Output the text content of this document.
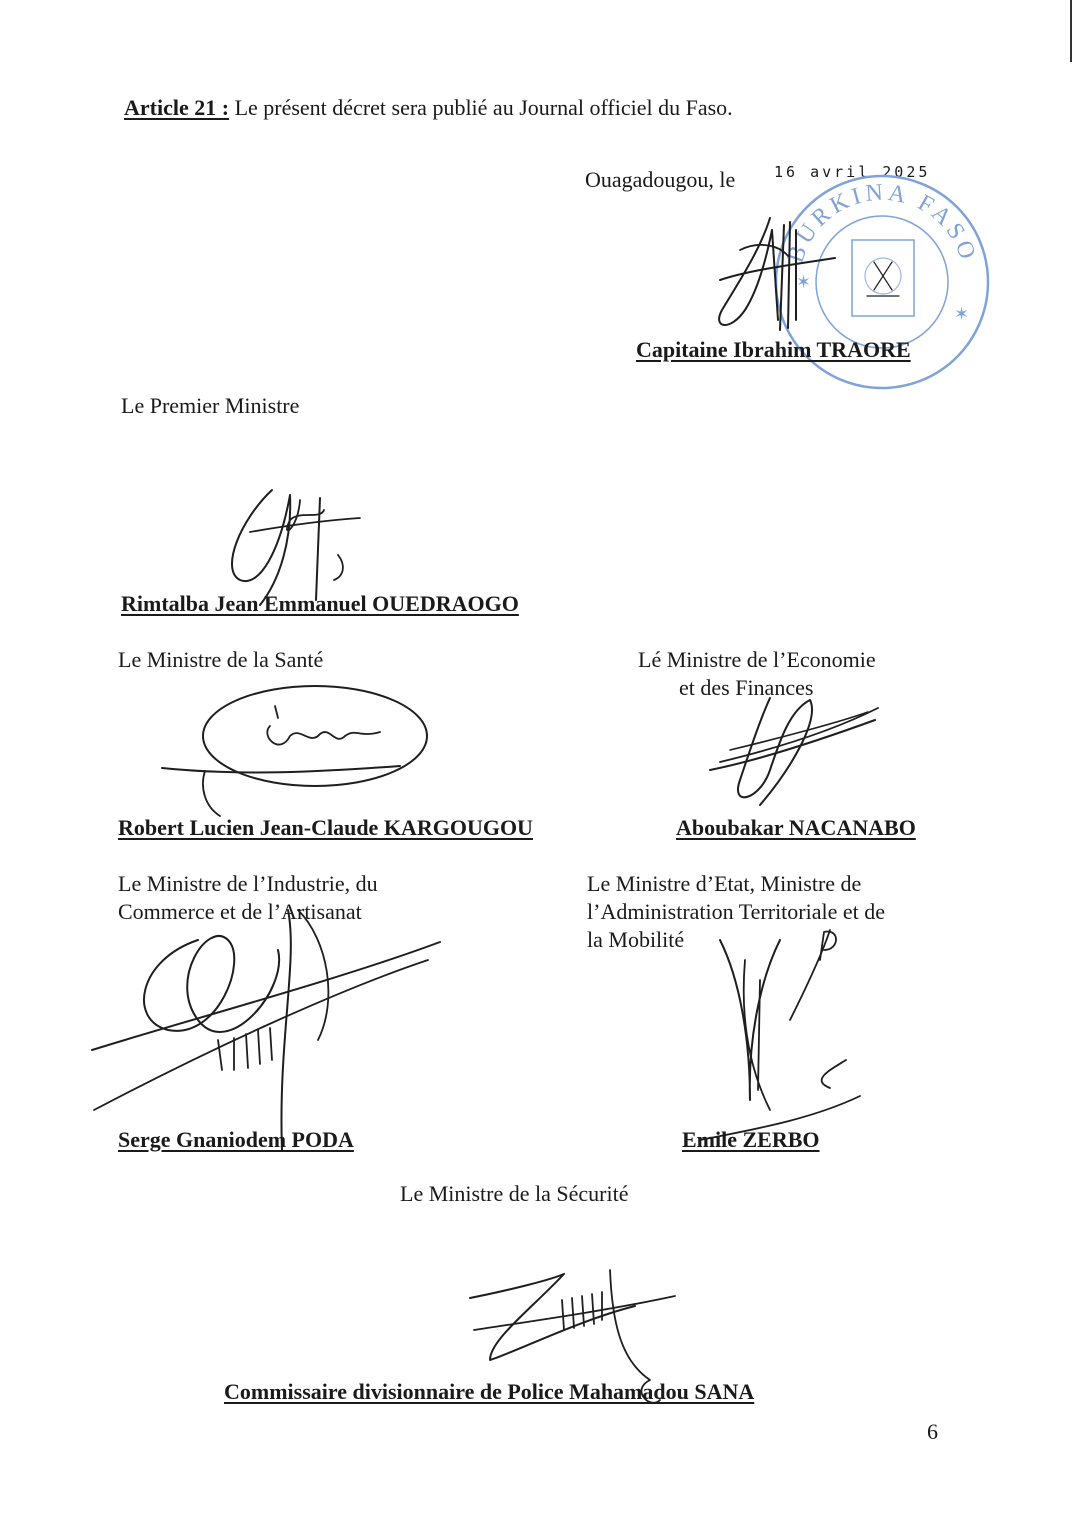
Article 21 : Le présent décret sera publié au Journal officiel du Faso.
Ouagadougou, le	16 avril 2025
BURKINA FASO
✶
✶
Capitaine Ibrahim TRAORE
Le Premier Ministre
Rimtalba Jean Emmanuel OUEDRAOGO
Le Ministre de la Santé
Robert Lucien Jean-Claude KARGOUGOU
Lé Ministre de l’Economie
et des Finances
Aboubakar NACANABO
Le Ministre de l’Industrie, du
Commerce et de l’Artisanat
Serge Gnaniodem PODA
Le Ministre d’Etat, Ministre de
l’Administration Territoriale et de
la Mobilité
Emile ZERBO
Le Ministre de la Sécurité
Commissaire divisionnaire de Police Mahamadou SANA
6
